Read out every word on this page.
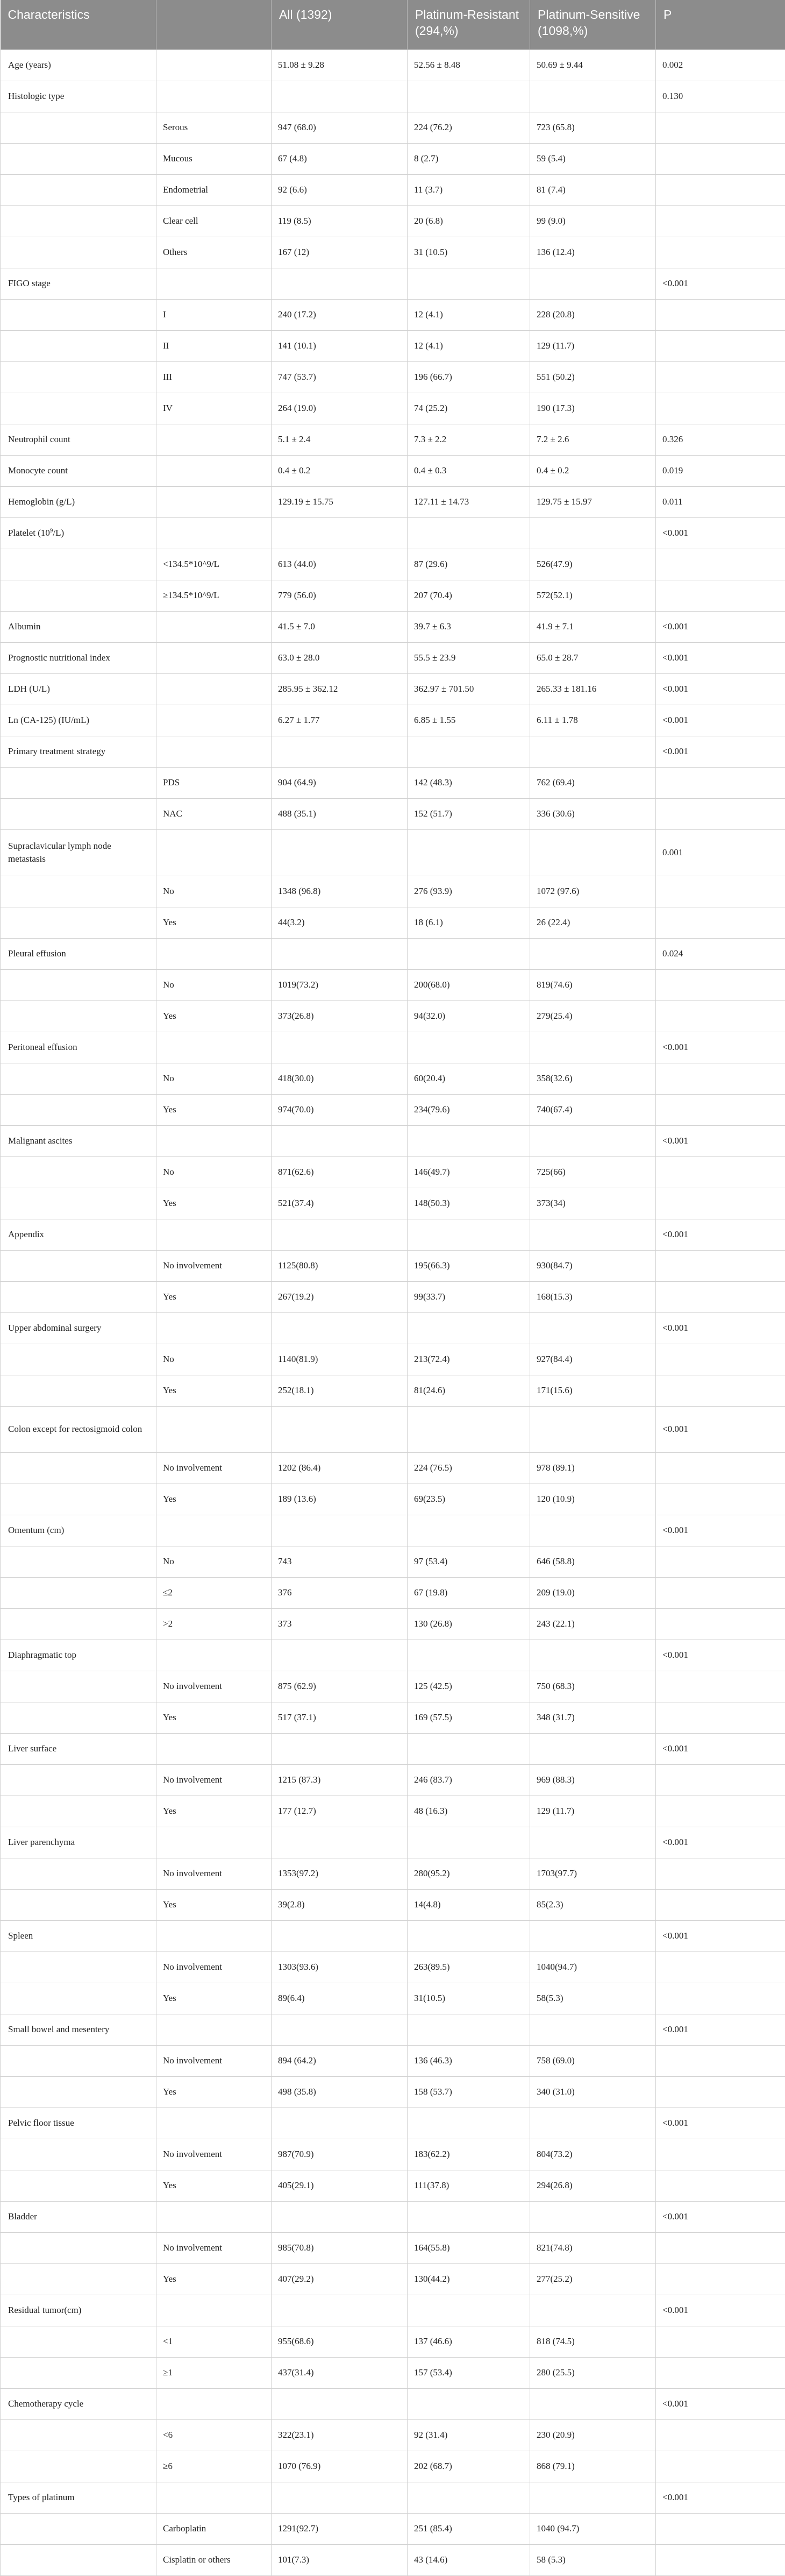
Characteristics		All (1392)	Platinum-Resistant (294,%)	Platinum-Sensitive (1098,%)	P
Age (years)		51.08 ± 9.28	52.56 ± 8.48	50.69 ± 9.44	0.002
Histologic type					0.130
	Serous	947 (68.0)	224 (76.2)	723 (65.8)	
	Mucous	67 (4.8)	8 (2.7)	59 (5.4)	
	Endometrial	92 (6.6)	11 (3.7)	81 (7.4)	
	Clear cell	119 (8.5)	20 (6.8)	99 (9.0)	
	Others	167 (12)	31 (10.5)	136 (12.4)	
FIGO stage					<0.001
	I	240 (17.2)	12 (4.1)	228 (20.8)	
	II	141 (10.1)	12 (4.1)	129 (11.7)	
	III	747 (53.7)	196 (66.7)	551 (50.2)	
	IV	264 (19.0)	74 (25.2)	190 (17.3)	
Neutrophil count		5.1 ± 2.4	7.3 ± 2.2	7.2 ± 2.6	0.326
Monocyte count		0.4 ± 0.2	0.4 ± 0.3	0.4 ± 0.2	0.019
Hemoglobin (g/L)		129.19 ± 15.75	127.11 ± 14.73	129.75 ± 15.97	0.011
Platelet $(10^9/L)$					<0.001
	<134.5*10^9/L	613 (44.0)	87 (29.6)	526(47.9)	
	≥134.5*10^9/L	779 (56.0)	207 (70.4)	572(52.1)	
Albumin		41.5 ± 7.0	39.7 ± 6.3	41.9 ± 7.1	<0.001
Prognostic nutritional index		63.0 ± 28.0	55.5 ± 23.9	65.0 ± 28.7	<0.001
LDH (U/L)		285.95 ± 362.12	362.97 ± 701.50	265.33 ± 181.16	<0.001
Ln (CA-125) (IU/mL)		6.27 ± 1.77	6.85 ± 1.55	6.11 ± 1.78	<0.001
Primary treatment strategy					<0.001
	PDS	904 (64.9)	142 (48.3)	762 (69.4)	
	NAC	488 (35.1)	152 (51.7)	336 (30.6)	
Supraclavicular lymph node metastasis					0.001
	No	1348 (96.8)	276 (93.9)	1072 (97.6)	
	Yes	44(3.2)	18 (6.1)	26 (22.4)	
Pleural effusion					0.024
	No	1019(73.2)	200(68.0)	819(74.6)	
	Yes	373(26.8)	94(32.0)	279(25.4)	
Peritoneal effusion					<0.001
	No	418(30.0)	60(20.4)	358(32.6)	
	Yes	974(70.0)	234(79.6)	740(67.4)	
Malignant ascites					<0.001
	No	871(62.6)	146(49.7)	725(66)	
	Yes	521(37.4)	148(50.3)	373(34)	
Appendix					<0.001
	No involvement	1125(80.8)	195(66.3)	930(84.7)	
	Yes	267(19.2)	99(33.7)	168(15.3)	
Upper abdominal surgery					<0.001
	No	1140(81.9)	213(72.4)	927(84.4)	
	Yes	252(18.1)	81(24.6)	171(15.6)	
Colon except for rectosigmoid colon					<0.001
	No involvement	1202 (86.4)	224 (76.5)	978 (89.1)	
	Yes	189 (13.6)	69(23.5)	120 (10.9)	
Omentum (cm)					<0.001
	No	743	97 (53.4)	646 (58.8)	
	≤2	376	67 (19.8)	209 (19.0)	
	>2	373	130 (26.8)	243 (22.1)	
Diaphragmatic top					<0.001
	No involvement	875 (62.9)	125 (42.5)	750 (68.3)	
	Yes	517 (37.1)	169 (57.5)	348 (31.7)	
Liver surface					<0.001
	No involvement	1215 (87.3)	246 (83.7)	969 (88.3)	
	Yes	177 (12.7)	48 (16.3)	129 (11.7)	
Liver parenchyma					<0.001
	No involvement	1353(97.2)	280(95.2)	1703(97.7)	
	Yes	39(2.8)	14(4.8)	85(2.3)	
Spleen					<0.001
	No involvement	1303(93.6)	263(89.5)	1040(94.7)	
	Yes	89(6.4)	31(10.5)	58(5.3)	
Small bowel and mesentery					<0.001
	No involvement	894 (64.2)	136 (46.3)	758 (69.0)	
	Yes	498 (35.8)	158 (53.7)	340 (31.0)	
Pelvic floor tissue					<0.001
	No involvement	987(70.9)	183(62.2)	804(73.2)	
	Yes	405(29.1)	111(37.8)	294(26.8)	
Bladder					<0.001
	No involvement	985(70.8)	164(55.8)	821(74.8)	
	Yes	407(29.2)	130(44.2)	277(25.2)	
Residual tumor(cm)					<0.001
	<1	955(68.6)	137 (46.6)	818 (74.5)	
	≥1	437(31.4)	157 (53.4)	280 (25.5)	
Chemotherapy cycle					<0.001
	<6	322(23.1)	92 (31.4)	230 (20.9)	
	≥6	1070 (76.9)	202 (68.7)	868 (79.1)	
Types of platinum					<0.001
	Carboplatin	1291(92.7)	251 (85.4)	1040 (94.7)	
	Cisplatin or others	101(7.3)	43 (14.6)	58 (5.3)	
